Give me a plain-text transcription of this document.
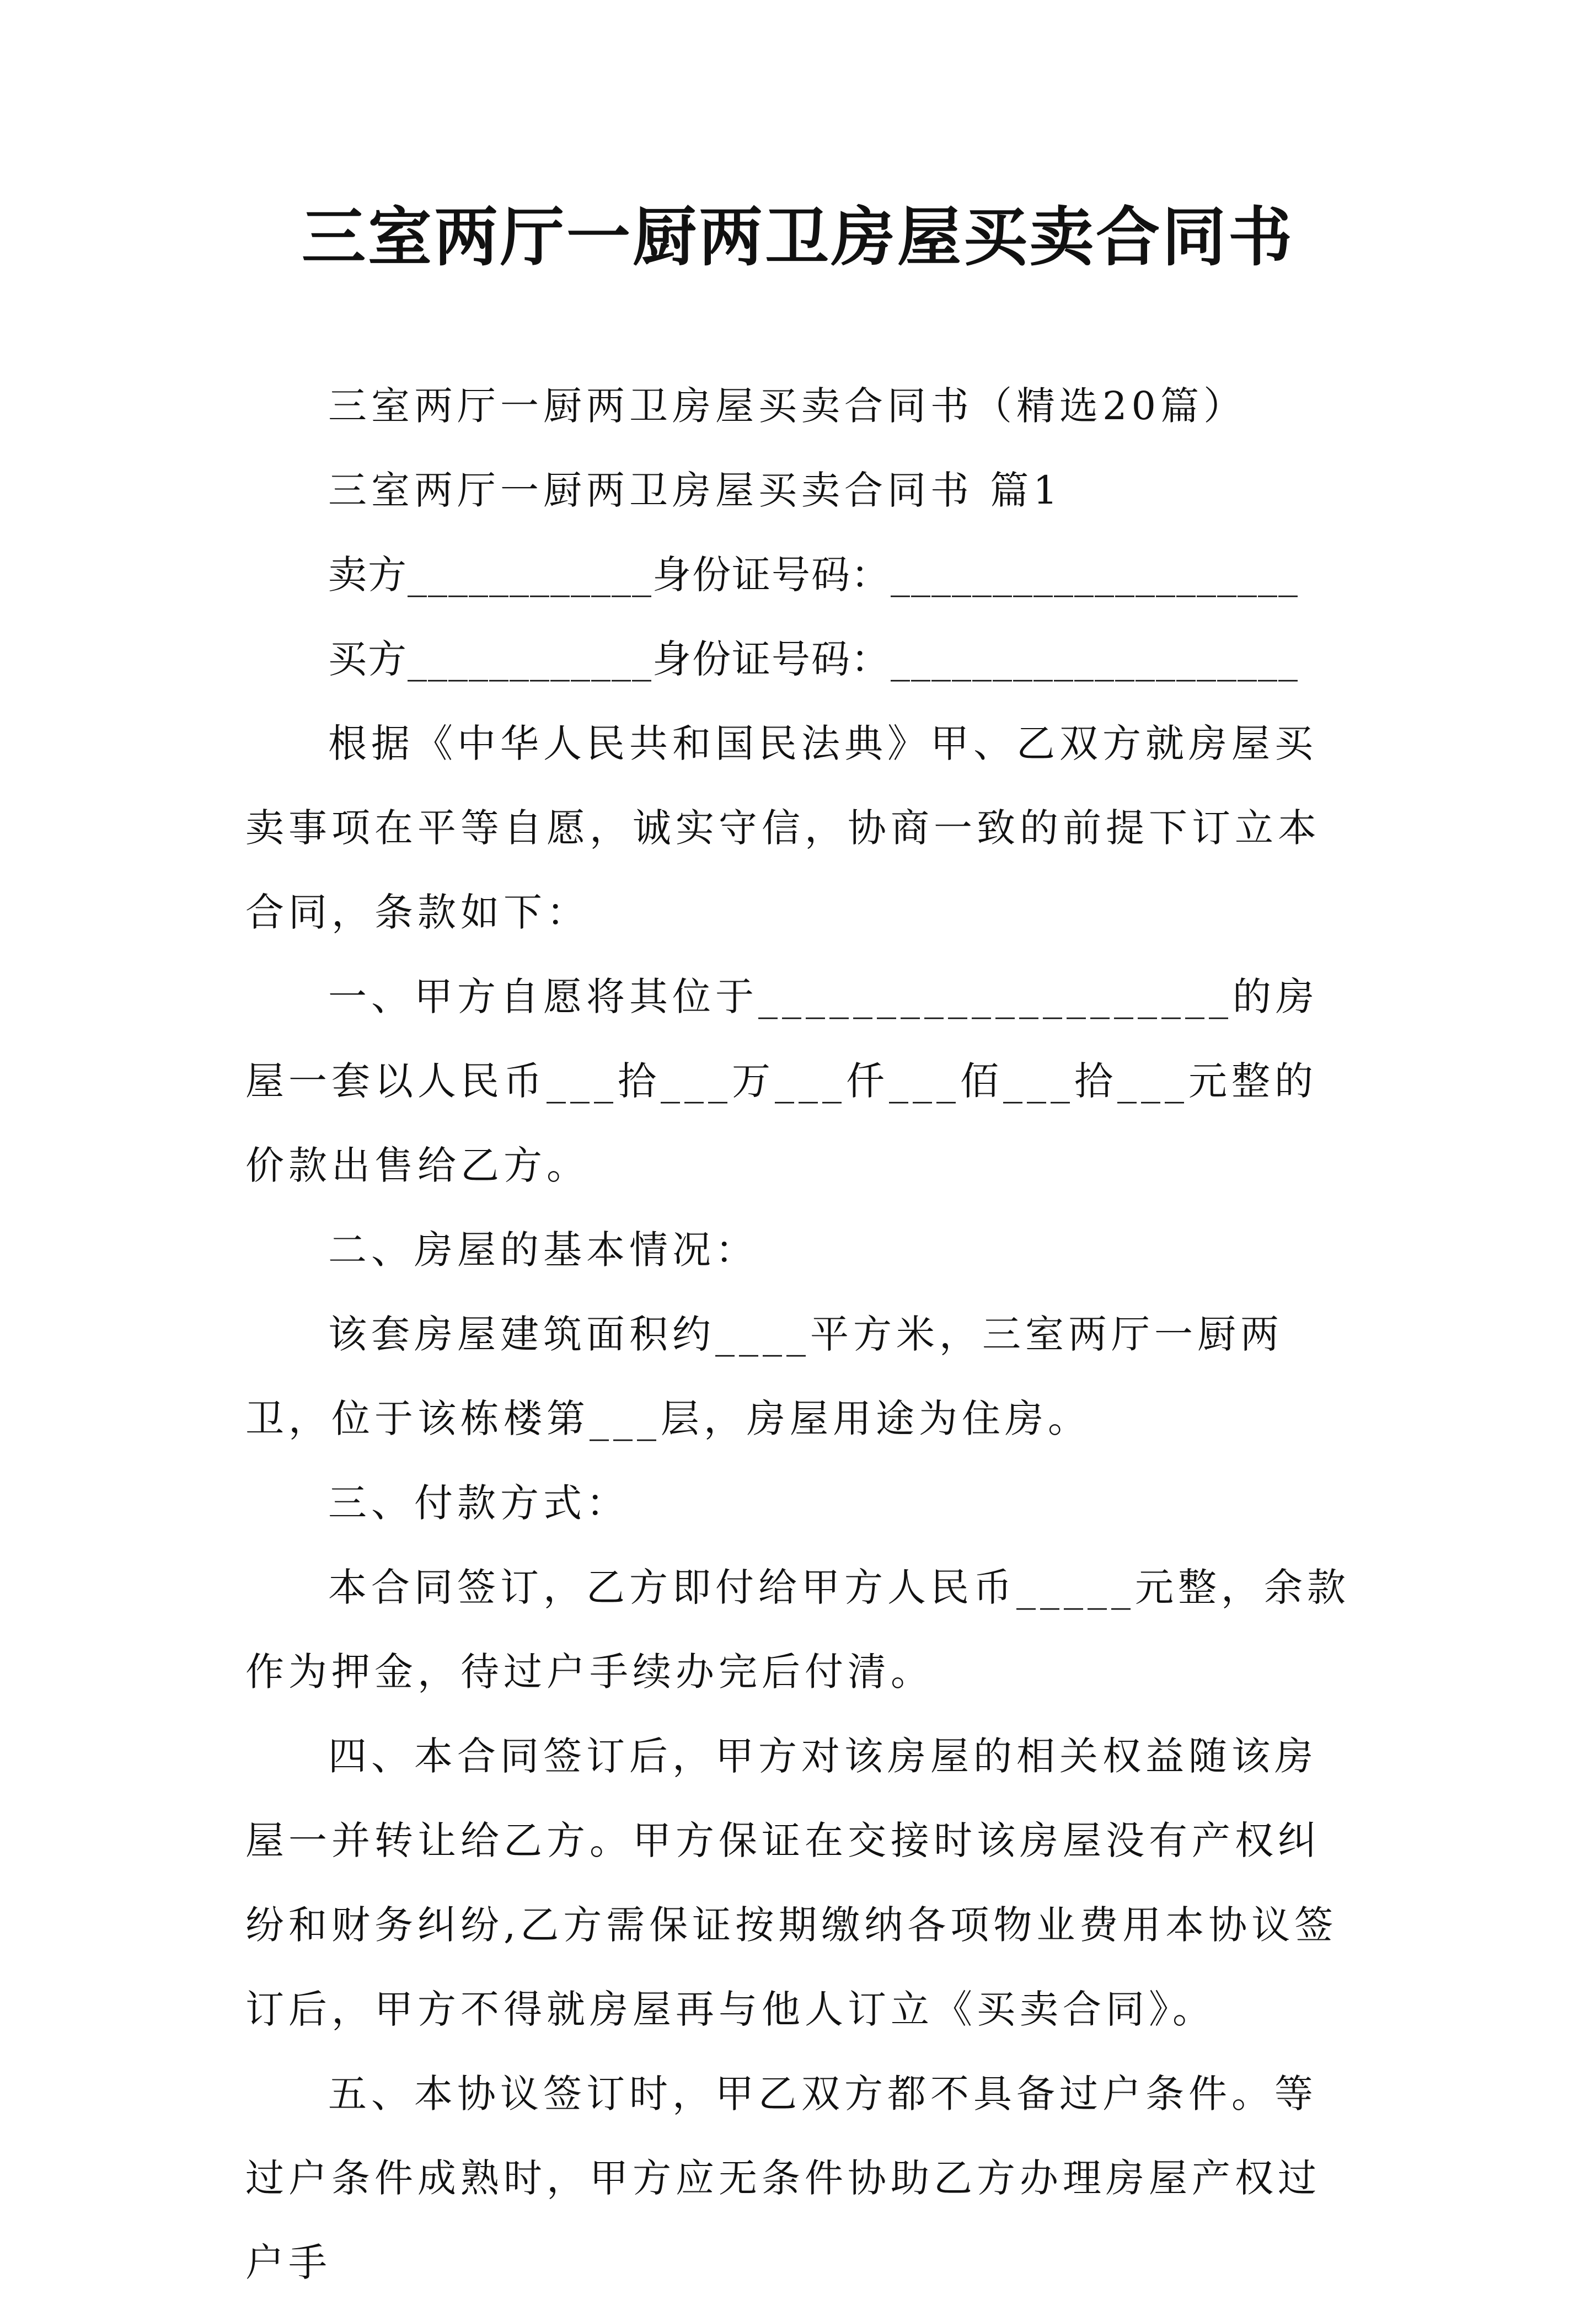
三室两厅一厨两卫房屋买卖合同书

三室两厅一厨两卫房屋买卖合同书（精选20篇）

三室两厅一厨两卫房屋买卖合同书 篇1

卖方____________身份证号码：____________________

买方____________身份证号码：____________________

根据《中华人民共和国民法典》甲、乙双方就房屋买卖事项在平等自愿，诚实守信，协商一致的前提下订立本合同，条款如下：

一、甲方自愿将其位于____________________的房屋一套以人民币___拾___万___仟___佰___拾___元整的价款出售给乙方。

二、房屋的基本情况：

该套房屋建筑面积约____平方米，三室两厅一厨两卫，位于该栋楼第___层，房屋用途为住房。

三、付款方式：

本合同签订，乙方即付给甲方人民币_____元整，余款作为押金，待过户手续办完后付清。

四、本合同签订后，甲方对该房屋的相关权益随该房屋一并转让给乙方。甲方保证在交接时该房屋没有产权纠纷和财务纠纷,乙方需保证按期缴纳各项物业费用本协议签订后，甲方不得就房屋再与他人订立《买卖合同》。

五、本协议签订时，甲乙双方都不具备过户条件。等过户条件成熟时，甲方应无条件协助乙方办理房屋产权过户手
